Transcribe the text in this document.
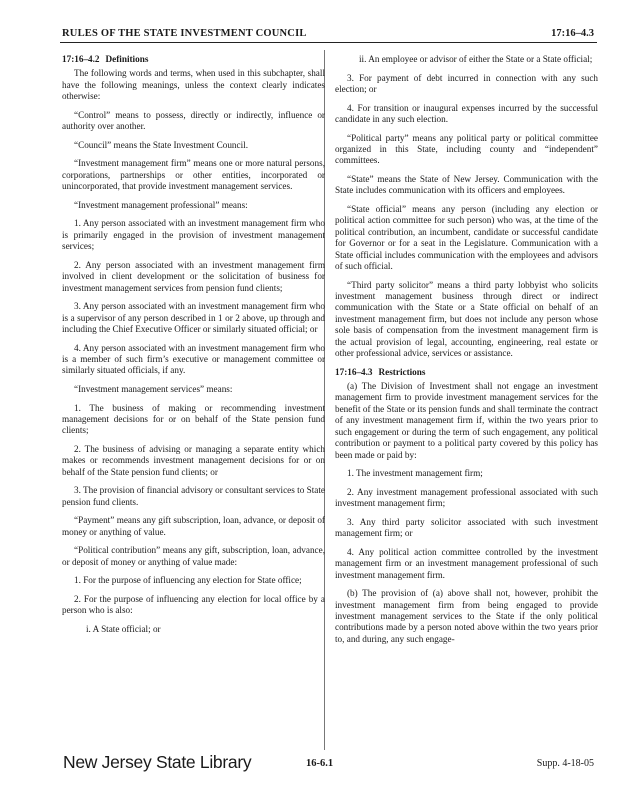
RULES OF THE STATE INVESTMENT COUNCIL	17:16–4.3
17:16–4.2 Definitions

The following words and terms, when used in this subchapter, shall have the following meanings, unless the context clearly indicates otherwise:

“Control” means to possess, directly or indirectly, influence or authority over another.

“Council” means the State Investment Council.

“Investment management firm” means one or more natural persons, corporations, partnerships or other entities, incorporated or unincorporated, that provide investment management services.

“Investment management professional” means:

1. Any person associated with an investment management firm who is primarily engaged in the provision of investment management services;

2. Any person associated with an investment management firm involved in client development or the solicitation of business for investment management services from pension fund clients;

3. Any person associated with an investment management firm who is a supervisor of any person described in 1 or 2 above, up through and including the Chief Executive Officer or similarly situated official; or

4. Any person associated with an investment management firm who is a member of such firm’s executive or management committee or similarly situated officials, if any.

“Investment management services” means:

1. The business of making or recommending investment management decisions for or on behalf of the State pension fund clients;

2. The business of advising or managing a separate entity which makes or recommends investment management decisions for or on behalf of the State pension fund clients; or

3. The provision of financial advisory or consultant services to State pension fund clients.

“Payment” means any gift subscription, loan, advance, or deposit of money or anything of value.

“Political contribution” means any gift, subscription, loan, advance, or deposit of money or anything of value made:

1. For the purpose of influencing any election for State office;

2. For the purpose of influencing any election for local office by a person who is also:

i. A State official; or

ii. An employee or advisor of either the State or a State official;

3. For payment of debt incurred in connection with any such election; or

4. For transition or inaugural expenses incurred by the successful candidate in any such election.

“Political party” means any political party or political committee organized in this State, including county and “independent” committees.

“State” means the State of New Jersey. Communication with the State includes communication with its officers and employees.

“State official” means any person (including any election or political action committee for such person) who was, at the time of the political contribution, an incumbent, candidate or successful candidate for Governor or for a seat in the Legislature. Communication with a State official includes communication with the employees and advisors of such official.

“Third party solicitor” means a third party lobbyist who solicits investment management business through direct or indirect communication with the State or a State official on behalf of an investment management firm, but does not include any person whose sole basis of compensation from the investment management firm is the actual provision of legal, accounting, engineering, real estate or other professional advice, services or assistance.

17:16–4.3 Restrictions

(a) The Division of Investment shall not engage an investment management firm to provide investment management services for the benefit of the State or its pension funds and shall terminate the contract of any investment management firm if, within the two years prior to such engagement or during the term of such engagement, any political contribution or payment to a political party covered by this policy has been made or paid by:

1. The investment management firm;

2. Any investment management professional associated with such investment management firm;

3. Any third party solicitor associated with such investment management firm; or

4. Any political action committee controlled by the investment management firm or an investment management professional of such investment management firm.

(b) The provision of (a) above shall not, however, prohibit the investment management firm from being engaged to provide investment management services to the State if the only political contributions made by a person noted above within the two years prior to, and during, any such engage-

New Jersey State Library	16-6.1	Supp. 4-18-05
